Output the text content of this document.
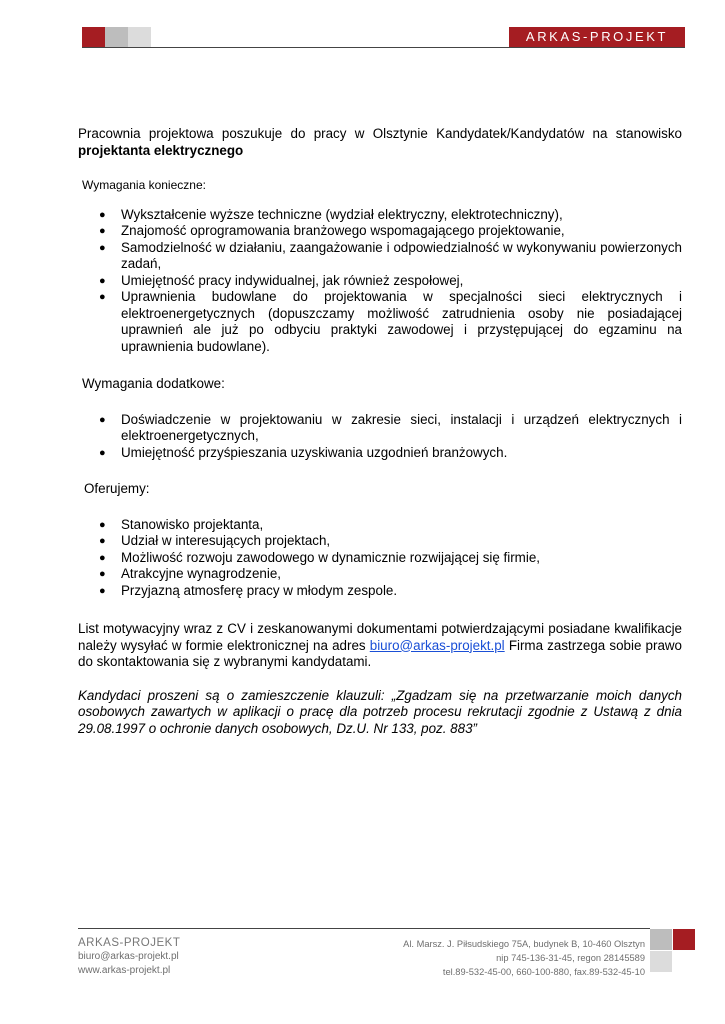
ARKAS-PROJEKT

Pracownia projektowa poszukuje do pracy w Olsztynie Kandydatek/Kandydatów na stanowisko projektanta elektrycznego

Wymagania konieczne:
● Wykształcenie wyższe techniczne (wydział elektryczny, elektrotechniczny),
● Znajomość oprogramowania branżowego wspomagającego projektowanie,
● Samodzielność w działaniu, zaangażowanie i odpowiedzialność w wykonywaniu powierzonych zadań,
● Umiejętność pracy indywidualnej, jak również zespołowej,
● Uprawnienia budowlane do projektowania w specjalności sieci elektrycznych i elektroenergetycznych (dopuszczamy możliwość zatrudnienia osoby nie posiadającej uprawnień ale już po odbyciu praktyki zawodowej i przystępującej do egzaminu na uprawnienia budowlane).
Wymagania dodatkowe:
● Doświadczenie w projektowaniu w zakresie sieci, instalacji i urządzeń elektrycznych i elektroenergetycznych,
● Umiejętność przyśpieszania uzyskiwania uzgodnień branżowych.
Oferujemy:
● Stanowisko projektanta,
● Udział w interesujących projektach,
● Możliwość rozwoju zawodowego w dynamicznie rozwijającej się firmie,
● Atrakcyjne wynagrodzenie,
● Przyjazną atmosferę pracy w młodym zespole.

List motywacyjny wraz z CV i zeskanowanymi dokumentami potwierdzającymi posiadane kwalifikacje należy wysyłać w formie elektronicznej na adres biuro@arkas-projekt.pl Firma zastrzega sobie prawo do skontaktowania się z wybranymi kandydatami.

Kandydaci proszeni są o zamieszczenie klauzuli: „Zgadzam się na przetwarzanie moich danych osobowych zawartych w aplikacji o pracę dla potrzeb procesu rekrutacji zgodnie z Ustawą z dnia 29.08.1997 o ochronie danych osobowych, Dz.U. Nr 133, poz. 883”

ARKAS-PROJEKT
biuro@arkas-projekt.pl
www.arkas-projekt.pl
Al. Marsz. J. Piłsudskiego 75A, budynek B, 10-460 Olsztyn
nip 745-136-31-45, regon 28145589
tel.89-532-45-00, 660-100-880, fax.89-532-45-10
